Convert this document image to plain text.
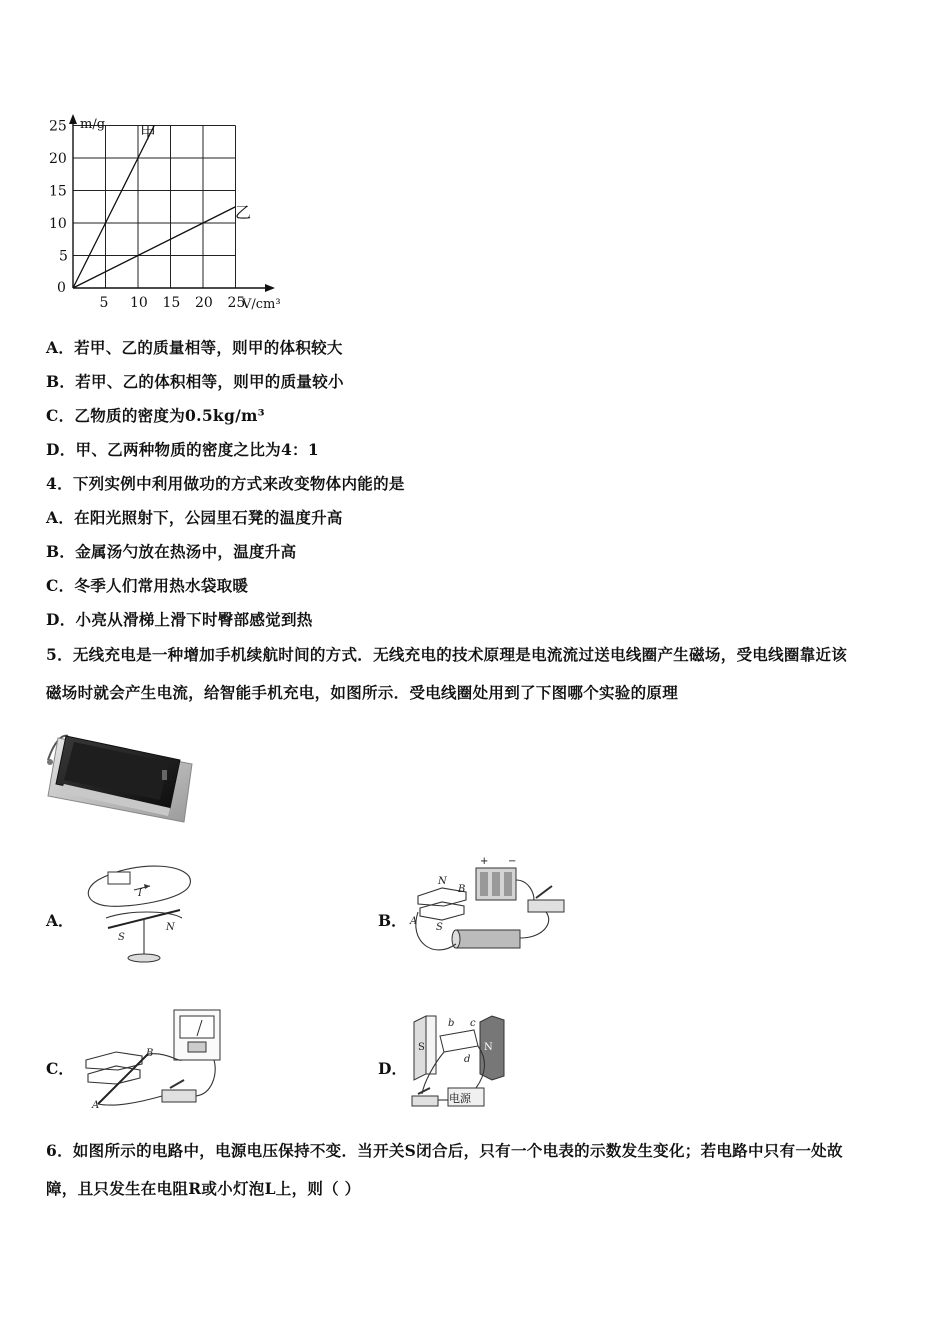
0
5 10 15 20 25
5
10
15
20
25 m/g
V/cm³
甲
乙
A．若甲、乙的质量相等，则甲的体积较大
B．若甲、乙的体积相等，则甲的质量较小
C．乙物质的密度为0.5kg/m³
D．甲、乙两种物质的密度之比为4：1
4．下列实例中利用做功的方式来改变物体内能的是
A．在阳光照射下，公园里石凳的温度升高
B．金属汤勺放在热汤中，温度升高
C．冬季人们常用热水袋取暖
D．小亮从滑梯上滑下时臀部感觉到热
5．无线充电是一种增加手机续航时间的方式．无线充电的技术原理是电流流过送电线圈产生磁场，受电线圈靠近该
磁场时就会产生电流，给智能手机充电，如图所示．受电线圈处用到了下图哪个实验的原理
A．
I
S
N	B．
N
S
A
B
+ −
C．
B
A
D．
S	N
b c
d
电源
6．如图所示的电路中，电源电压保持不变．当开关S闭合后，只有一个电表的示数发生变化；若电路中只有一处故
障，且只发生在电阻R或小灯泡L上，则（ ）
